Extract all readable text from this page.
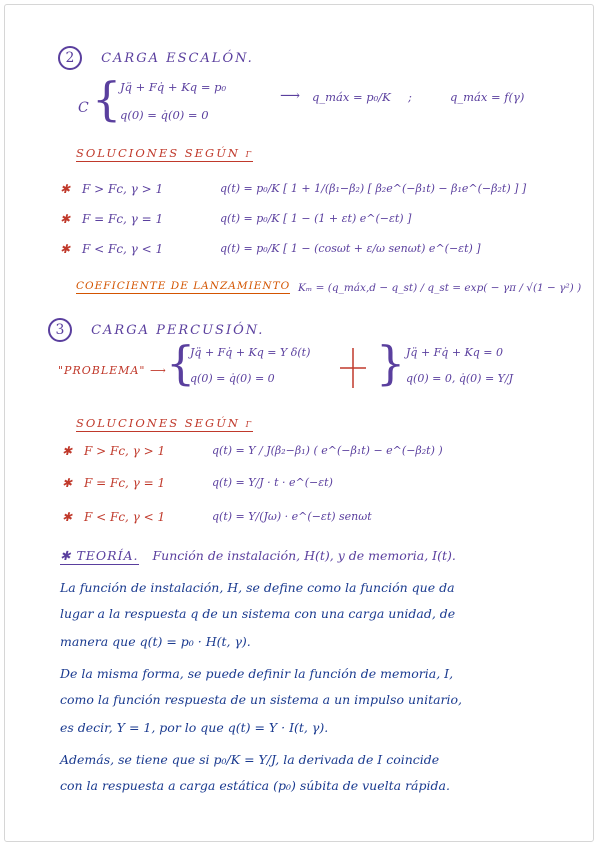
2 CARGA ESCALÓN.
C {
Jq̈ + Fq̇ + Kq = p₀
q(0) = q̇(0) = 0
⟶ q_máx = p₀/K ;	q_máx = f(γ)
SOLUCIONES SEGÚN γ
✱ F > Fc, γ > 1	q(t) = p₀/K [ 1 + 1/(β₁−β₂) [ β₂e^(−β₁t) − β₁e^(−β₂t) ] ]
✱ F = Fc, γ = 1	q(t) = p₀/K [ 1 − (1 + εt) e^(−εt) ]
✱ F < Fc, γ < 1	q(t) = p₀/K [ 1 − (cosωt + ε/ω senωt) e^(−εt) ]
COEFICIENTE DE LANZAMIENTO Kₘ = (q_máx,d − q_st) / q_st = exp( − γπ / √(1 − γ²) )
3 CARGA PERCUSIÓN.
"PROBLEMA" ⟶ {
Jq̈ + Fq̇ + Kq = Y δ(t)
q(0) = q̇(0) = 0 } Jq̈ + Fq̇ + Kq = 0
q(0) = 0, q̇(0) = Y/J
SOLUCIONES SEGÚN γ
✱ F > Fc, γ > 1	q(t) = Y / J(β₂−β₁) ( e^(−β₁t) − e^(−β₂t) )
✱ F = Fc, γ = 1	q(t) = Y/J · t · e^(−εt)
✱ F < Fc, γ < 1	q(t) = Y/(Jω) · e^(−εt) senωt
✱ TEORÍA. Función de instalación, H(t), y de memoria, I(t).
La función de instalación, H, se define como la función que da
lugar a la respuesta q de un sistema con una carga unidad, de
manera que q(t) = p₀ · H(t, γ).
De la misma forma, se puede definir la función de memoria, I,
como la función respuesta de un sistema a un impulso unitario,
es decir, Y = 1, por lo que q(t) = Y · I(t, γ).
Además, se tiene que si p₀/K = Y/J, la derivada de I coincide
con la respuesta a carga estática (p₀) súbita de vuelta rápida.
